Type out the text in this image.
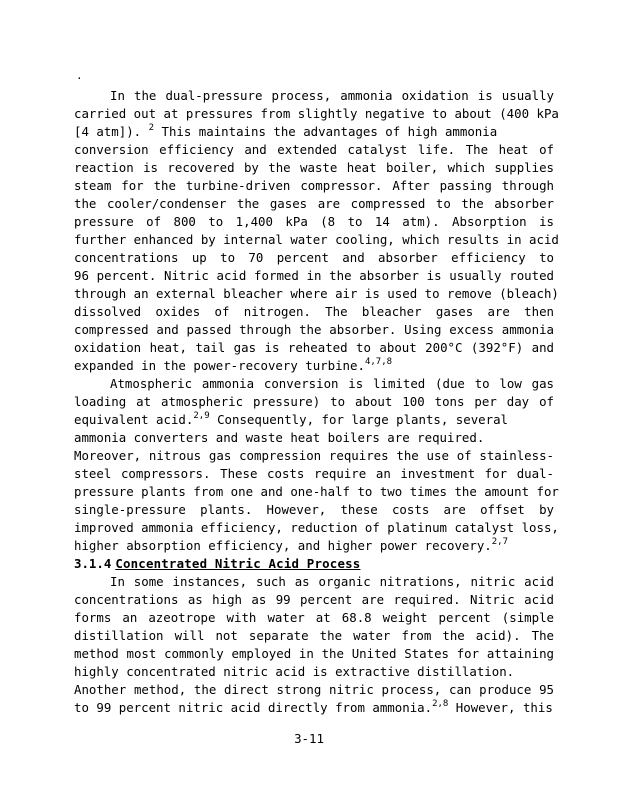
.
In the dual-pressure process, ammonia oxidation is usually
carried out at pressures from slightly negative to about (400 kPa
[4 atm]). $^2$ This maintains the advantages of high ammonia
conversion efficiency and extended catalyst life. The heat of
reaction is recovered by the waste heat boiler, which supplies
steam for the turbine-driven compressor. After passing through
the cooler/condenser the gases are compressed to the absorber
pressure of 800 to 1,400 kPa (8 to 14 atm). Absorption is
further enhanced by internal water cooling, which results in acid
concentrations up to 70 percent and absorber efficiency to
96 percent. Nitric acid formed in the absorber is usually routed
through an external bleacher where air is used to remove (bleach)
dissolved oxides of nitrogen. The bleacher gases are then
compressed and passed through the absorber. Using excess ammonia
oxidation heat, tail gas is reheated to about 200°C (392°F) and
expanded in the power-recovery turbine.$^{4,7,8}$
Atmospheric ammonia conversion is limited (due to low gas
loading at atmospheric pressure) to about 100 tons per day of
equivalent acid.$^{2,9}$ Consequently, for large plants, several
ammonia converters and waste heat boilers are required.
Moreover, nitrous gas compression requires the use of stainless-
steel compressors. These costs require an investment for dual-
pressure plants from one and one-half to two times the amount for
single-pressure plants. However, these costs are offset by
improved ammonia efficiency, reduction of platinum catalyst loss,
higher absorption efficiency, and higher power recovery.$^{2,7}$
3.1.4 Concentrated Nitric Acid Process
In some instances, such as organic nitrations, nitric acid
concentrations as high as 99 percent are required. Nitric acid
forms an azeotrope with water at 68.8 weight percent (simple
distillation will not separate the water from the acid). The
method most commonly employed in the United States for attaining
highly concentrated nitric acid is extractive distillation.
Another method, the direct strong nitric process, can produce 95
to 99 percent nitric acid directly from ammonia.$^{2,8}$ However, this
3-11
